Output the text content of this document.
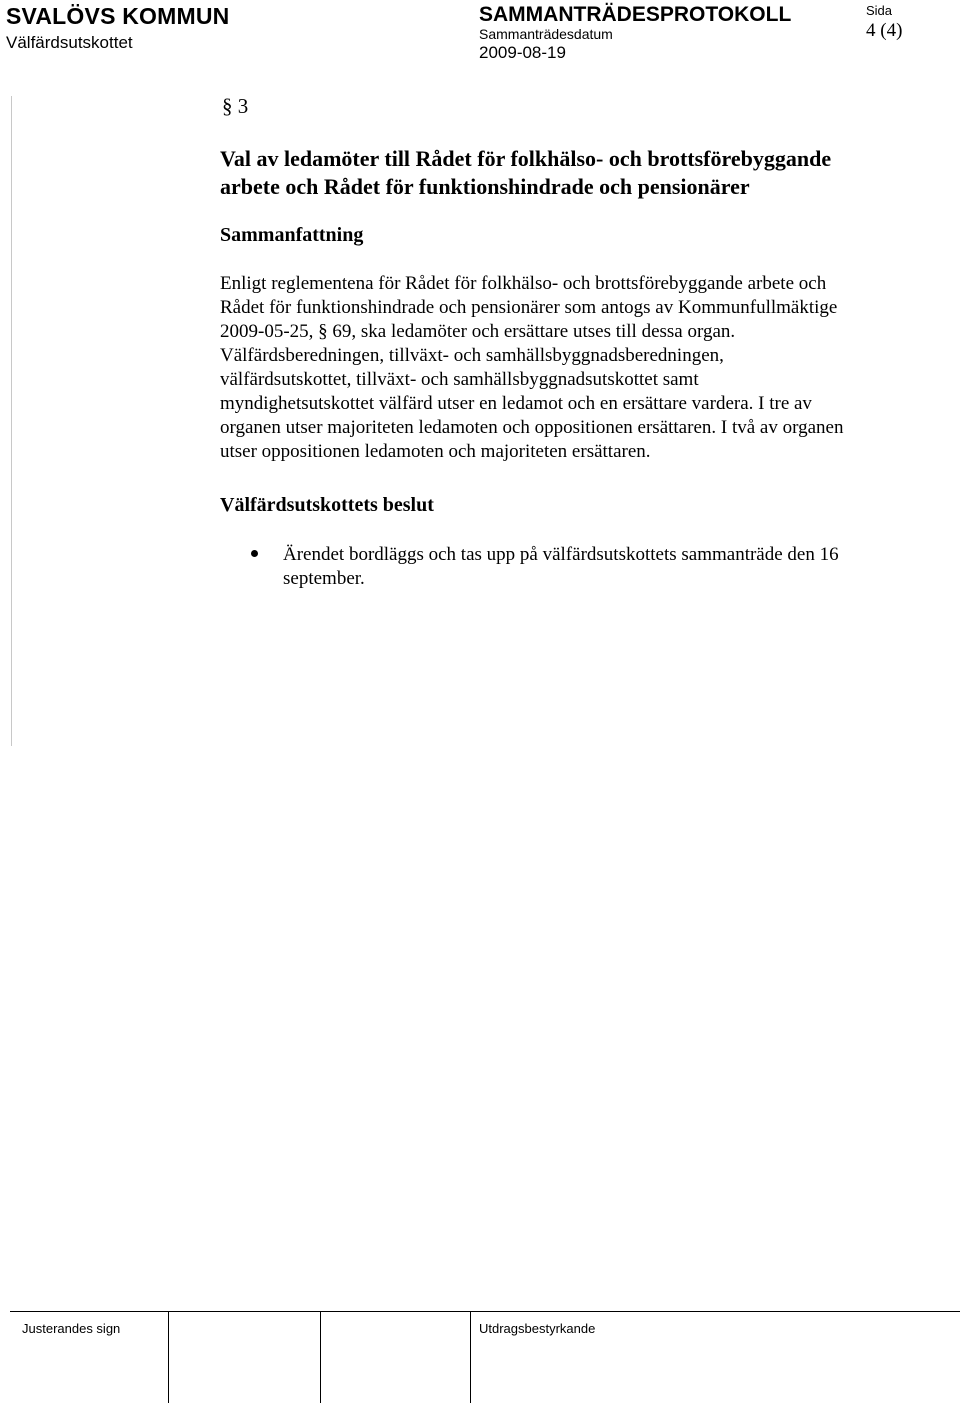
SVALÖVS KOMMUN
Välfärdsutskottet
SAMMANTRÄDESPROTOKOLL
Sammanträdesdatum
2009-08-19
Sida
4 (4)
§ 3
Val av ledamöter till Rådet för folkhälso- och brottsförebyggande
arbete och Rådet för funktionshindrade och pensionärer
Sammanfattning
Enligt reglementena för Rådet för folkhälso- och brottsförebyggande arbete och
Rådet för funktionshindrade och pensionärer som antogs av Kommunfullmäktige
2009-05-25, § 69, ska ledamöter och ersättare utses till dessa organ.
Välfärdsberedningen, tillväxt- och samhällsbyggnadsberedningen,
välfärdsutskottet, tillväxt- och samhällsbyggnadsutskottet samt
myndighetsutskottet välfärd utser en ledamot och en ersättare vardera. I tre av
organen utser majoriteten ledamoten och oppositionen ersättaren. I två av organen
utser oppositionen ledamoten och majoriteten ersättaren.
Välfärdsutskottets beslut
Ärendet bordläggs och tas upp på välfärdsutskottets sammanträde den 16
september.
Justerandes sign	Utdragsbestyrkande
